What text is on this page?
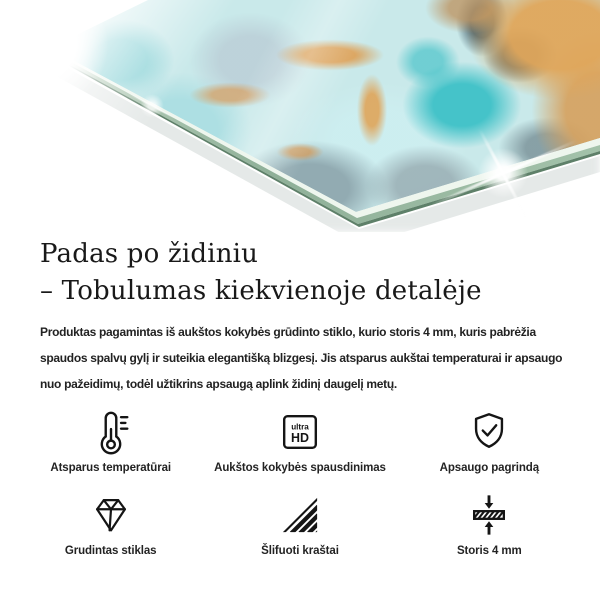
Padas po židiniu
– Tobulumas kiekvienoje detalėje

Produktas pagamintas iš aukštos kokybės grūdinto stiklo, kurio storis 4 mm, kuris pabrėžia spaudos spalvų gylį ir suteikia elegantišką blizgesį. Jis atsparus aukštai temperaturai ir apsaugo nuo pažeidimų, todėl užtikrins apsaugą aplink židinį daugelį metų.

Atsparus temperatūrai
ultra
HD
Aukštos kokybės spausdinimas	Apsaugo pagrindą
Grudintas stiklas	Šlifuoti kraštai	Storis 4 mm
